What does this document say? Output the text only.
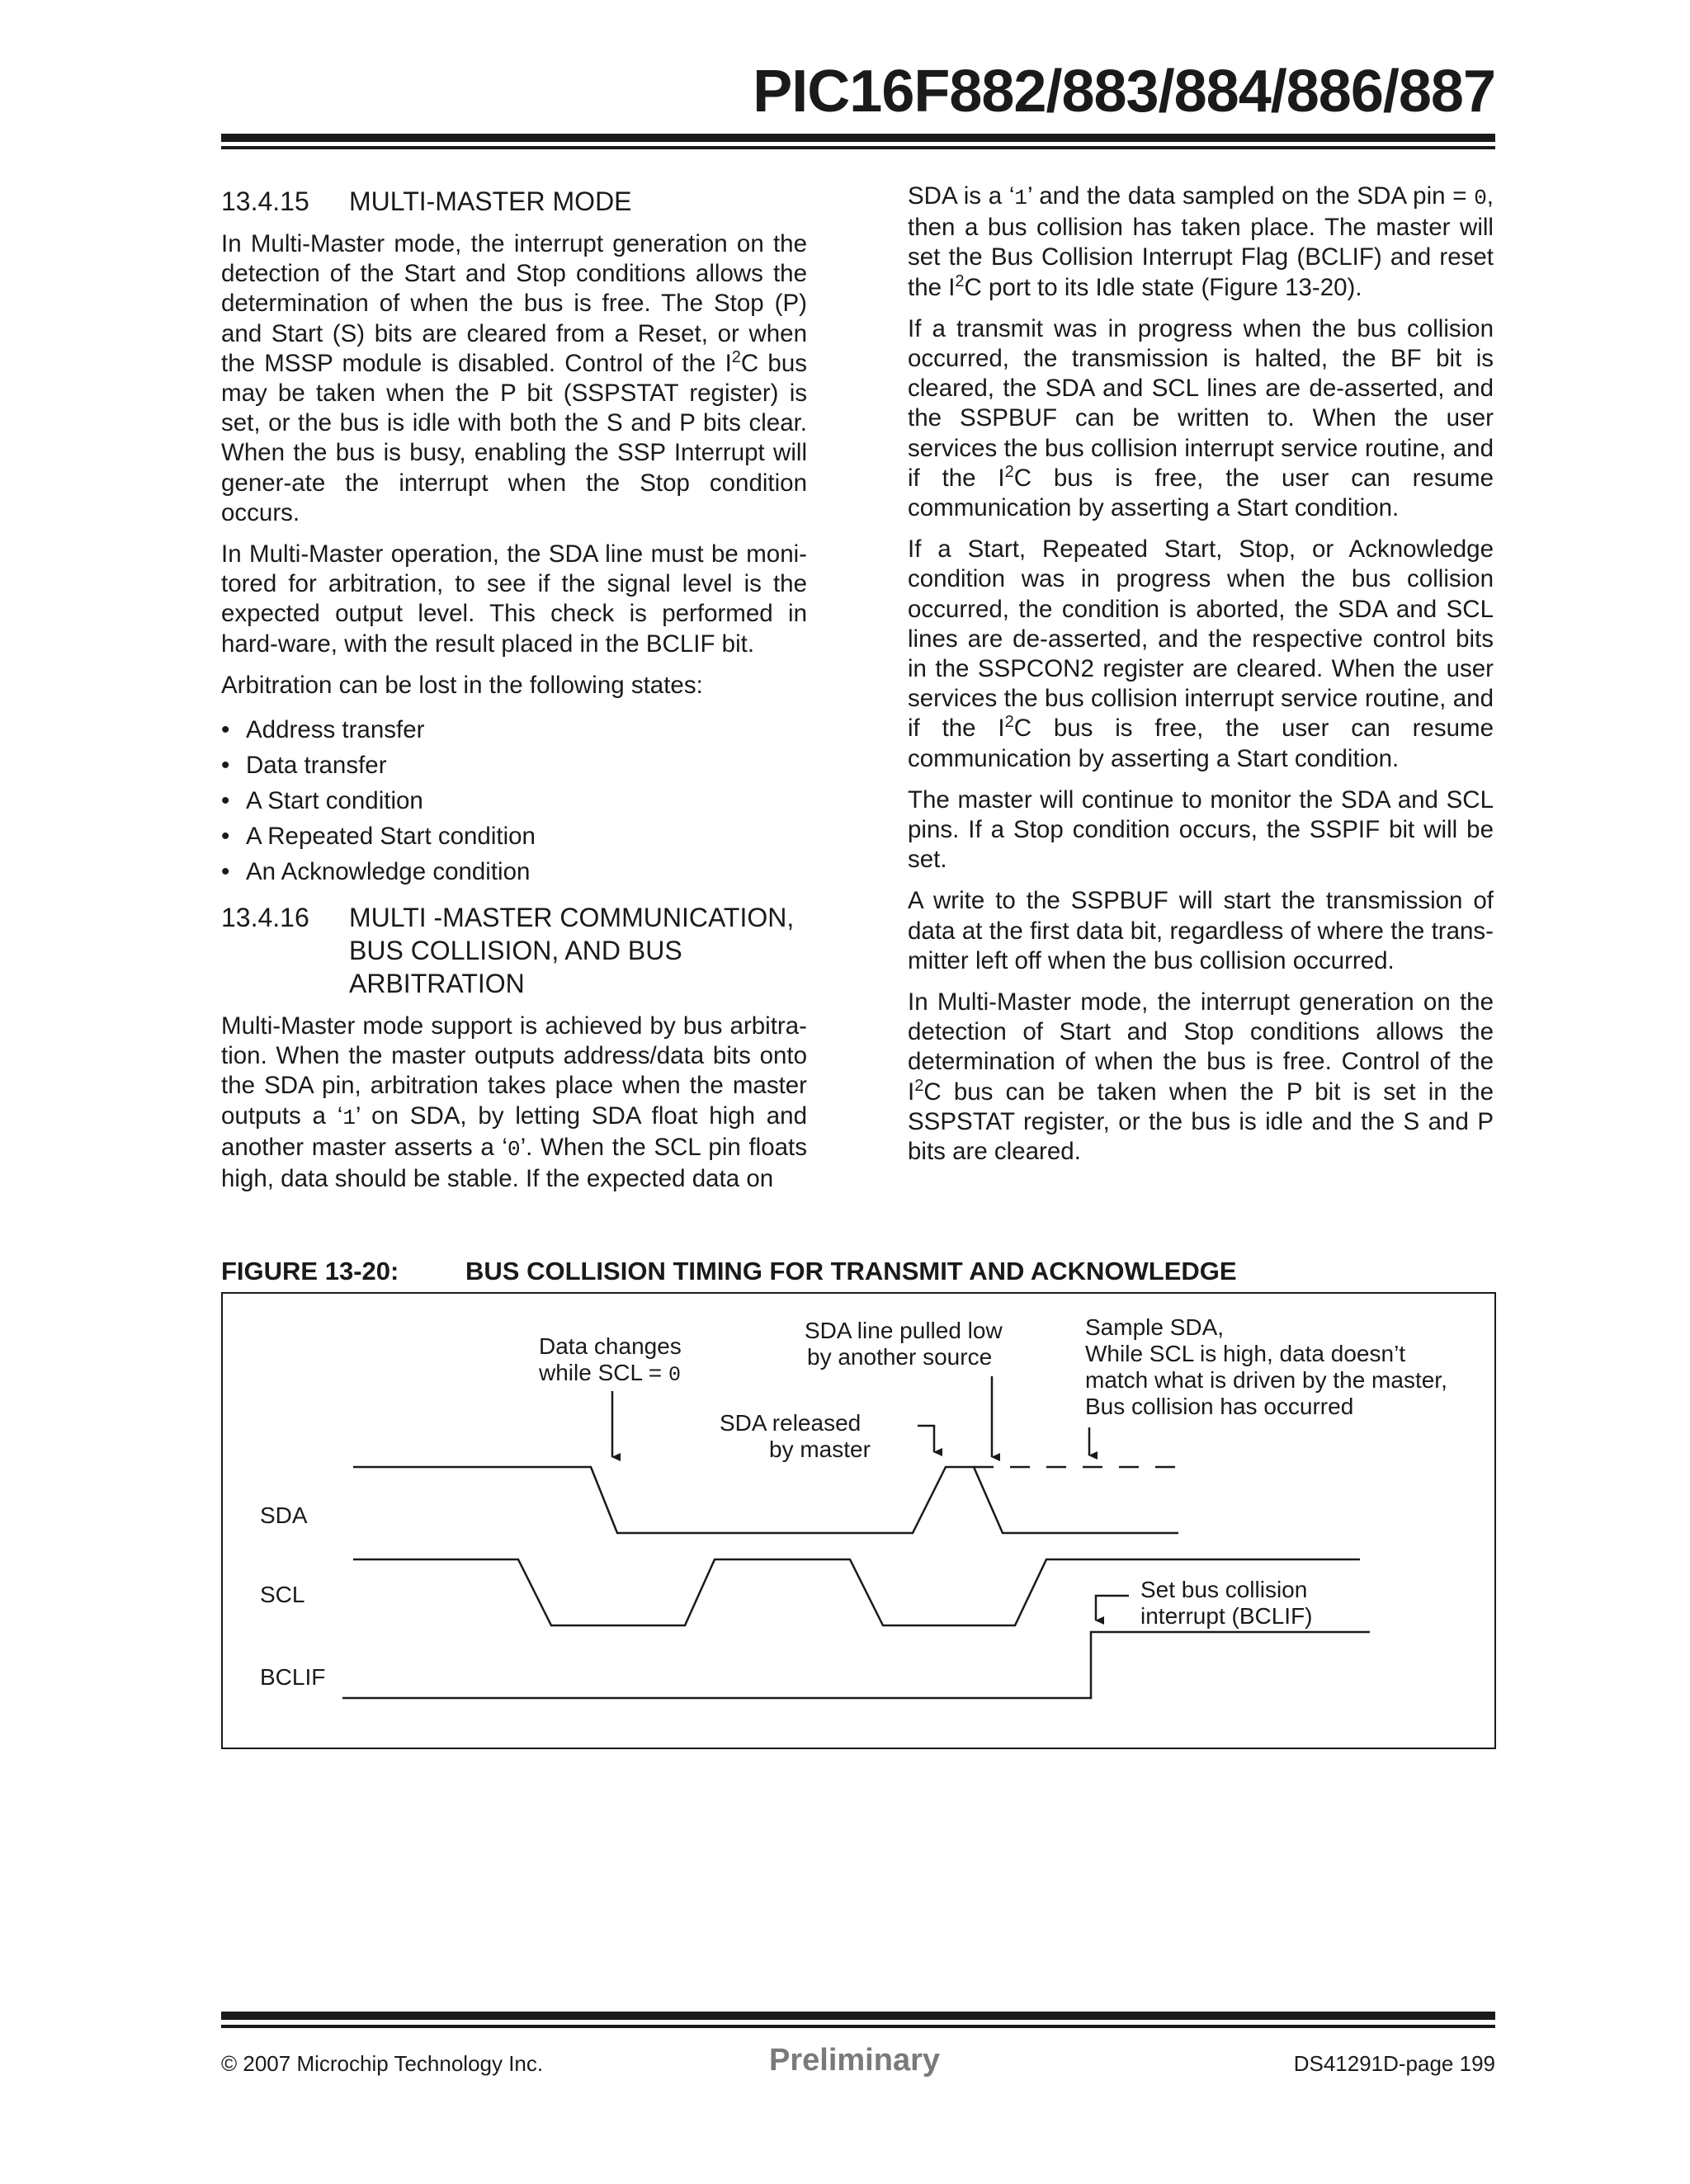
PIC16F882/883/884/886/887
13.4.15	MULTI-MASTER MODE

In Multi-Master mode, the interrupt generation on the detection of the Start and Stop conditions allows the determination of when the bus is free. The Stop (P) and Start (S) bits are cleared from a Reset, or when the MSSP module is disabled. Control of the $I^2C$ bus may be taken when the P bit (SSPSTAT register) is set, or the bus is idle with both the S and P bits clear. When the bus is busy, enabling the SSP Interrupt will gener-ate the interrupt when the Stop condition occurs.

In Multi-Master operation, the SDA line must be moni-tored for arbitration, to see if the signal level is the expected output level. This check is performed in hard-ware, with the result placed in the BCLIF bit.

Arbitration can be lost in the following states:

• Address transfer
• Data transfer
• A Start condition
• A Repeated Start condition
• An Acknowledge condition
13.4.16	MULTI -MASTER COMMUNICATION, BUS COLLISION, AND BUS ARBITRATION

Multi-Master mode support is achieved by bus arbitra-tion. When the master outputs address/data bits onto the SDA pin, arbitration takes place when the master outputs a ‘1’ on SDA, by letting SDA float high and another master asserts a ‘0’. When the SCL pin floats high, data should be stable. If the expected data on

SDA is a ‘1’ and the data sampled on the SDA pin = 0, then a bus collision has taken place. The master will set the Bus Collision Interrupt Flag (BCLIF) and reset the $I^2C$ port to its Idle state (Figure 13-20).

If a transmit was in progress when the bus collision occurred, the transmission is halted, the BF bit is cleared, the SDA and SCL lines are de-asserted, and the SSPBUF can be written to. When the user services the bus collision interrupt service routine, and if the $I^2C$ bus is free, the user can resume communication by asserting a Start condition.

If a Start, Repeated Start, Stop, or Acknowledge condition was in progress when the bus collision occurred, the condition is aborted, the SDA and SCL lines are de-asserted, and the respective control bits in the SSPCON2 register are cleared. When the user services the bus collision interrupt service routine, and if the $I^2C$ bus is free, the user can resume communication by asserting a Start condition.

The master will continue to monitor the SDA and SCL pins. If a Stop condition occurs, the SSPIF bit will be set.

A write to the SSPBUF will start the transmission of data at the first data bit, regardless of where the trans-mitter left off when the bus collision occurred.

In Multi-Master mode, the interrupt generation on the detection of Start and Stop conditions allows the determination of when the bus is free. Control of the $I^2C$ bus can be taken when the P bit is set in the SSPSTAT register, or the bus is idle and the S and P bits are cleared.

FIGURE 13-20:	BUS COLLISION TIMING FOR TRANSMIT AND ACKNOWLEDGE
SDA
SCL
BCLIF
Data changes
while SCL = 0
SDA line pulled low
by another source
SDA released
by master
Sample SDA,
While SCL is high, data doesn’t
match what is driven by the master,
Bus collision has occurred
Set bus collision
interrupt (BCLIF)
© 2007 Microchip Technology Inc.	Preliminary	DS41291D-page 199
